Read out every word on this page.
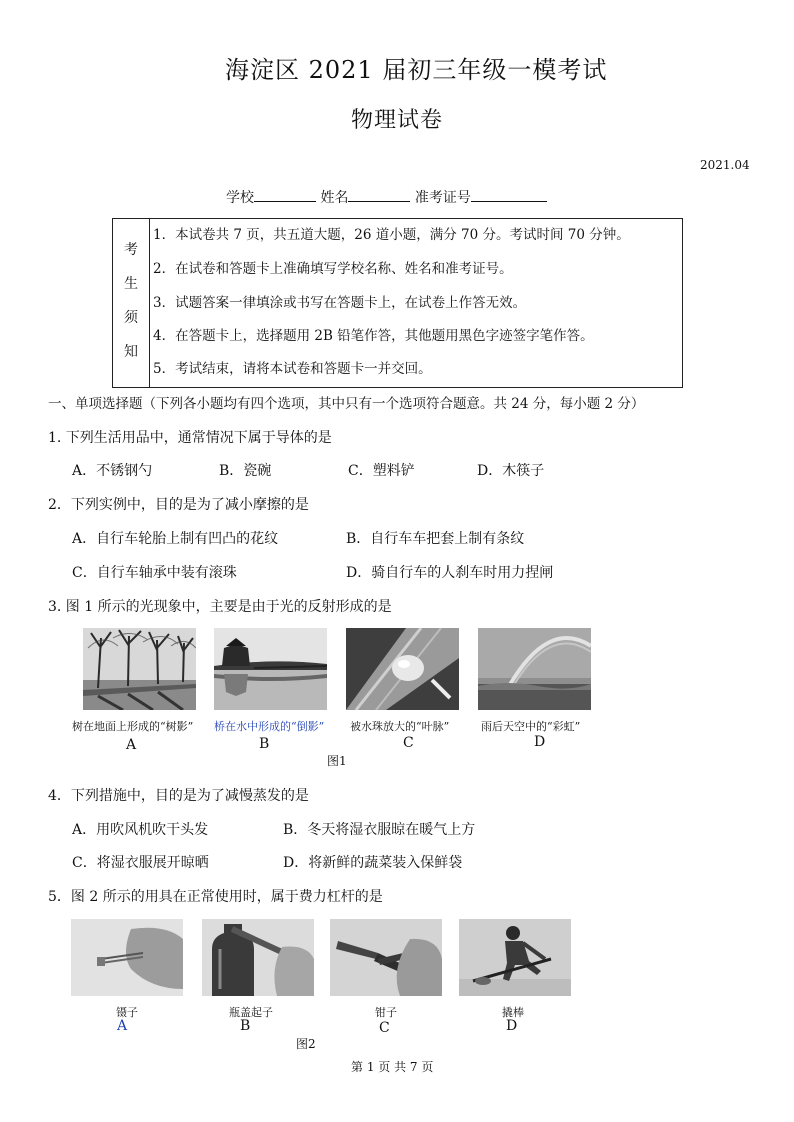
海淀区 2021 届初三年级一模考试
物理试卷
2021.04
学校	姓名	准考证号
考
生
须
知
1．本试卷共 7 页，共五道大题，26 道小题，满分 70 分。考试时间 70 分钟。
2．在试卷和答题卡上准确填写学校名称、姓名和准考证号。
3．试题答案一律填涂或书写在答题卡上，在试卷上作答无效。
4．在答题卡上，选择题用 2B 铅笔作答，其他题用黑色字迹签字笔作答。
5．考试结束，请将本试卷和答题卡一并交回。
一、单项选择题（下列各小题均有四个选项，其中只有一个选项符合题意。共 24 分，每小题 2 分）
1. 下列生活用品中，通常情况下属于导体的是
A．不锈钢勺	B．瓷碗	C．塑料铲	D．木筷子
2．下列实例中，目的是为了减小摩擦的是
A．自行车轮胎上制有凹凸的花纹	B．自行车车把套上制有条纹
C．自行车轴承中装有滚珠	D．骑自行车的人刹车时用力捏闸
3. 图 1 所示的光现象中，主要是由于光的反射形成的是
树在地面上形成的“树影” 桥在水中形成的“倒影” 被水珠放大的“叶脉”	雨后天空中的“彩虹”
A	B	C	D
图1
4．下列措施中，目的是为了减慢蒸发的是
A．用吹风机吹干头发	B．冬天将湿衣服晾在暖气上方
C．将湿衣服展开晾晒	D．将新鲜的蔬菜装入保鲜袋
5．图 2 所示的用具在正常使用时，属于费力杠杆的是
镊子	瓶盖起子	钳子	撬棒
A	B	C	D
图2
第 1 页 共 7 页
